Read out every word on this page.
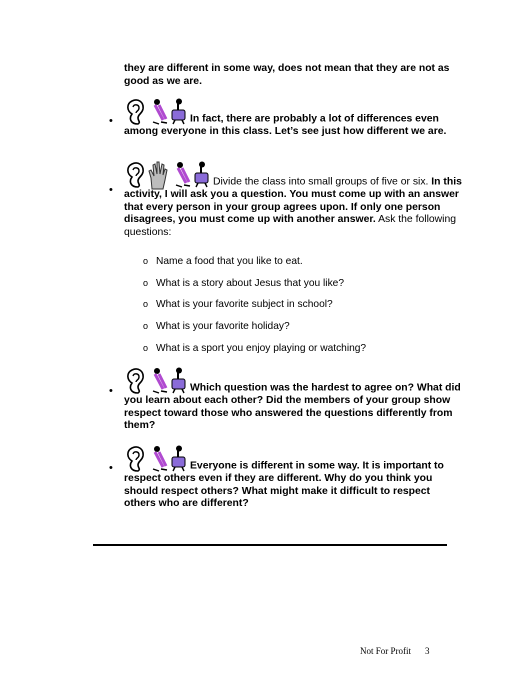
they are different in some way, does not mean that they are not as good as we are.
•	In fact, there are probably a lot of differences even among everyone in this class. Let’s see just how different we are.
•
Divide the class into small groups of five or six. In this activity, I will ask you a question. You must come up with an answer that every person in your group agrees upon. If only one person disagrees, you must come up with another answer. Ask the following questions:
o Name a food that you like to eat.
o What is a story about Jesus that you like?
o What is your favorite subject in school?
o What is your favorite holiday?
o What is a sport you enjoy playing or watching?
•	Which question was the hardest to agree on? What did you learn about each other? Did the members of your group show respect toward those who answered the questions differently from them?
•	Everyone is different in some way. It is important to respect others even if they are different. Why do you think you should respect others? What might make it difficult to respect others who are different?
Not For Profit 3
